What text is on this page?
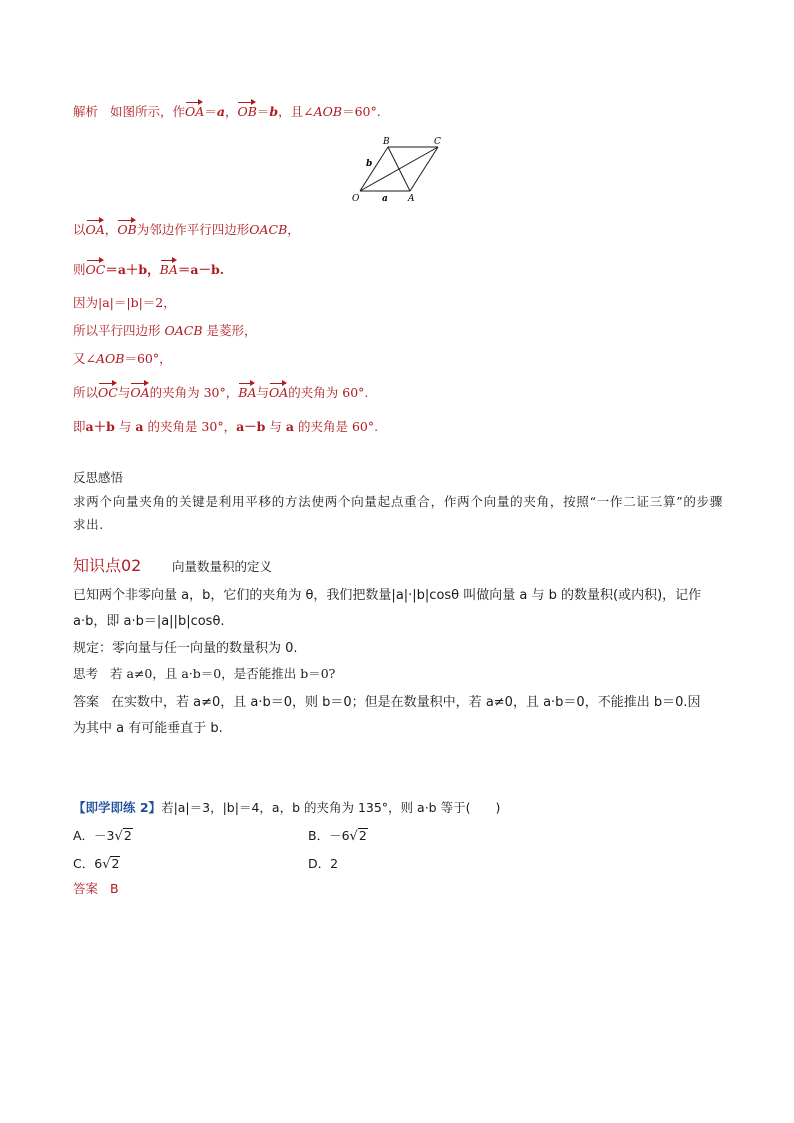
解析 如图所示，作OA＝a，OB＝b，且∠AOB＝60°.
B	C
O	A
a
b
以OA，OB为邻边作平行四边形OACB，
则OC＝a＋b，BA＝a－b.
因为|a|＝|b|＝2，
所以平行四边形 OACB 是菱形，
又∠AOB＝60°，
所以OC与OA的夹角为 30°，BA与OA的夹角为 60°.
即a＋b 与 a 的夹角是 30°，a－b 与 a 的夹角是 60°.
反思感悟
求两个向量夹角的关键是利用平移的方法使两个向量起点重合，作两个向量的夹角，按照“一作二证三算”的步骤求出.
知识点02 向量数量积的定义
已知两个非零向量 a，b，它们的夹角为 θ，我们把数量|a|·|b|cosθ 叫做向量 a 与 b 的数量积(或内积)，记作
a·b，即 a·b＝|a||b|cosθ.
规定：零向量与任一向量的数量积为 0.
思考 若 a≠0，且 a·b＝0，是否能推出 b＝0?
答案 在实数中，若 a≠0，且 a·b＝0，则 b＝0；但是在数量积中，若 a≠0，且 a·b＝0，不能推出 b＝0.因
为其中 a 有可能垂直于 b.
【即学即练 2】若|a|＝3，|b|＝4，a，b 的夹角为 135°，则 a·b 等于(　　)
A．－3√2	B．－6√2
C．6√2	D．2
答案 B
